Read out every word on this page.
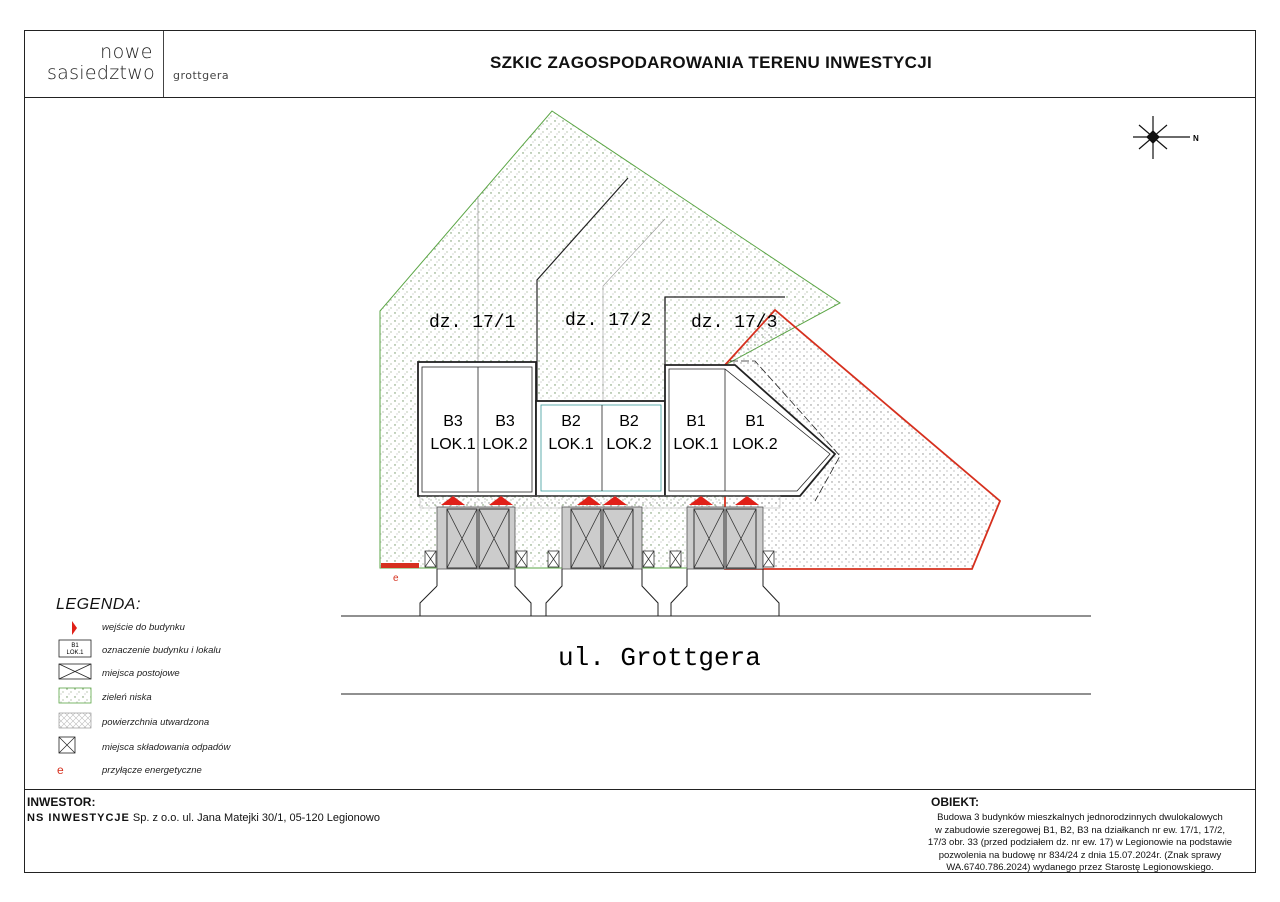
nowe
sasiedztwo grottgera
SZKIC ZAGOSPODAROWANIA TERENU INWESTYCJI
e
dz. 17/1	dz. 17/2 dz. 17/3
B3
LOK.1
B3
LOK.2
B2
LOK.1
B2
LOK.2
B1
LOK.1
B1
LOK.2
ul. Grottgera
N
B1
LOK.1
e
LEGENDA:
wejście do budynku
oznaczenie budynku i lokalu
miejsca postojowe
zieleń niska
powierzchnia utwardzona
miejsca składowania odpadów
przyłącze energetyczne
INWESTOR:
NS INWESTYCJE Sp. z o.o. ul. Jana Matejki 30/1, 05-120 Legionowo
OBIEKT:
Budowa 3 budynków mieszkalnych jednorodzinnych dwulokalowych
w zabudowie szeregowej B1, B2, B3 na działkanch nr ew. 17/1, 17/2,
17/3 obr. 33 (przed podziałem dz. nr ew. 17) w Legionowie na podstawie
pozwolenia na budowę nr 834/24 z dnia 15.07.2024r. (Znak sprawy
WA.6740.786.2024) wydanego przez Starostę Legionowskiego.
